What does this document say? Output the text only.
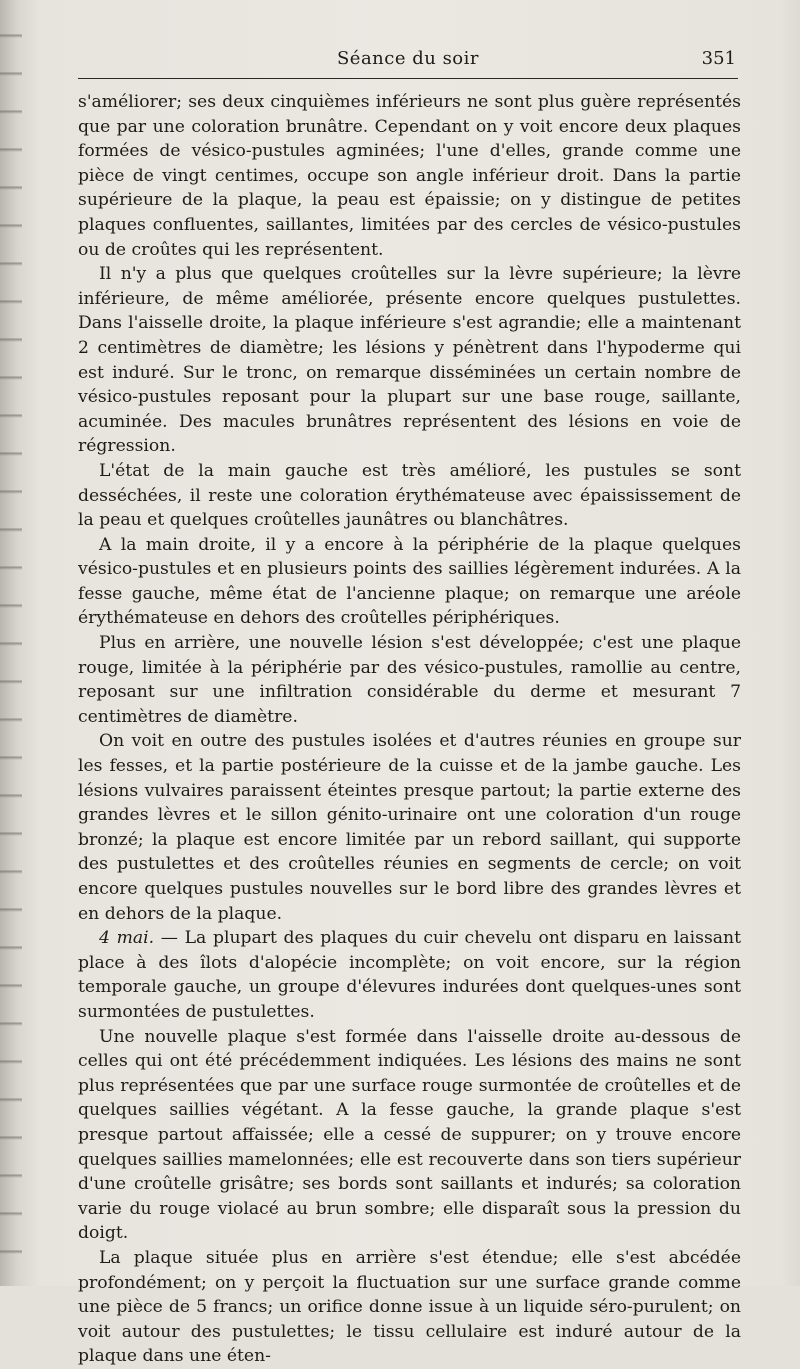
Séance du soir	351

s'améliorer; ses deux cinquièmes inférieurs ne sont plus guère représentés que par une coloration brunâtre. Cependant on y voit encore deux plaques formées de vésico-pustules agminées; l'une d'elles, grande comme une pièce de vingt centimes, occupe son angle inférieur droit. Dans la partie supérieure de la plaque, la peau est épaissie; on y distingue de petites plaques confluentes, saillantes, limitées par des cercles de vésico-pustules ou de croûtes qui les représentent.

Il n'y a plus que quelques croûtelles sur la lèvre supérieure; la lèvre inférieure, de même améliorée, présente encore quelques pustulettes. Dans l'aisselle droite, la plaque inférieure s'est agrandie; elle a maintenant 2 centimètres de diamètre; les lésions y pénètrent dans l'hypoderme qui est induré. Sur le tronc, on remarque disséminées un certain nombre de vésico-pustules reposant pour la plupart sur une base rouge, saillante, acuminée. Des macules brunâtres représentent des lésions en voie de régression.

L'état de la main gauche est très amélioré, les pustules se sont desséchées, il reste une coloration érythémateuse avec épaississement de la peau et quelques croûtelles jaunâtres ou blanchâtres.

A la main droite, il y a encore à la périphérie de la plaque quelques vésico-pustules et en plusieurs points des saillies légèrement indurées. A la fesse gauche, même état de l'ancienne plaque; on remarque une aréole érythémateuse en dehors des croûtelles périphériques.

Plus en arrière, une nouvelle lésion s'est développée; c'est une plaque rouge, limitée à la périphérie par des vésico-pustules, ramollie au centre, reposant sur une infiltration considérable du derme et mesurant 7 centimètres de diamètre.

On voit en outre des pustules isolées et d'autres réunies en groupe sur les fesses, et la partie postérieure de la cuisse et de la jambe gauche. Les lésions vulvaires paraissent éteintes presque partout; la partie externe des grandes lèvres et le sillon génito-urinaire ont une coloration d'un rouge bronzé; la plaque est encore limitée par un rebord saillant, qui supporte des pustulettes et des croûtelles réunies en segments de cercle; on voit encore quelques pustules nouvelles sur le bord libre des grandes lèvres et en dehors de la plaque.

4 mai. — La plupart des plaques du cuir chevelu ont disparu en laissant place à des îlots d'alopécie incomplète; on voit encore, sur la région temporale gauche, un groupe d'élevures indurées dont quelques-unes sont surmontées de pustulettes.

Une nouvelle plaque s'est formée dans l'aisselle droite au-dessous de celles qui ont été précédemment indiquées. Les lésions des mains ne sont plus représentées que par une surface rouge surmontée de croûtelles et de quelques saillies végétant. A la fesse gauche, la grande plaque s'est presque partout affaissée; elle a cessé de suppurer; on y trouve encore quelques saillies mamelonnées; elle est recouverte dans son tiers supérieur d'une croûtelle grisâtre; ses bords sont saillants et indurés; sa coloration varie du rouge violacé au brun sombre; elle disparaît sous la pression du doigt.

La plaque située plus en arrière s'est étendue; elle s'est abcédée profondément; on y perçoit la fluctuation sur une surface grande comme une pièce de 5 francs; un orifice donne issue à un liquide séro-purulent; on voit autour des pustulettes; le tissu cellulaire est induré autour de la plaque dans une éten-
